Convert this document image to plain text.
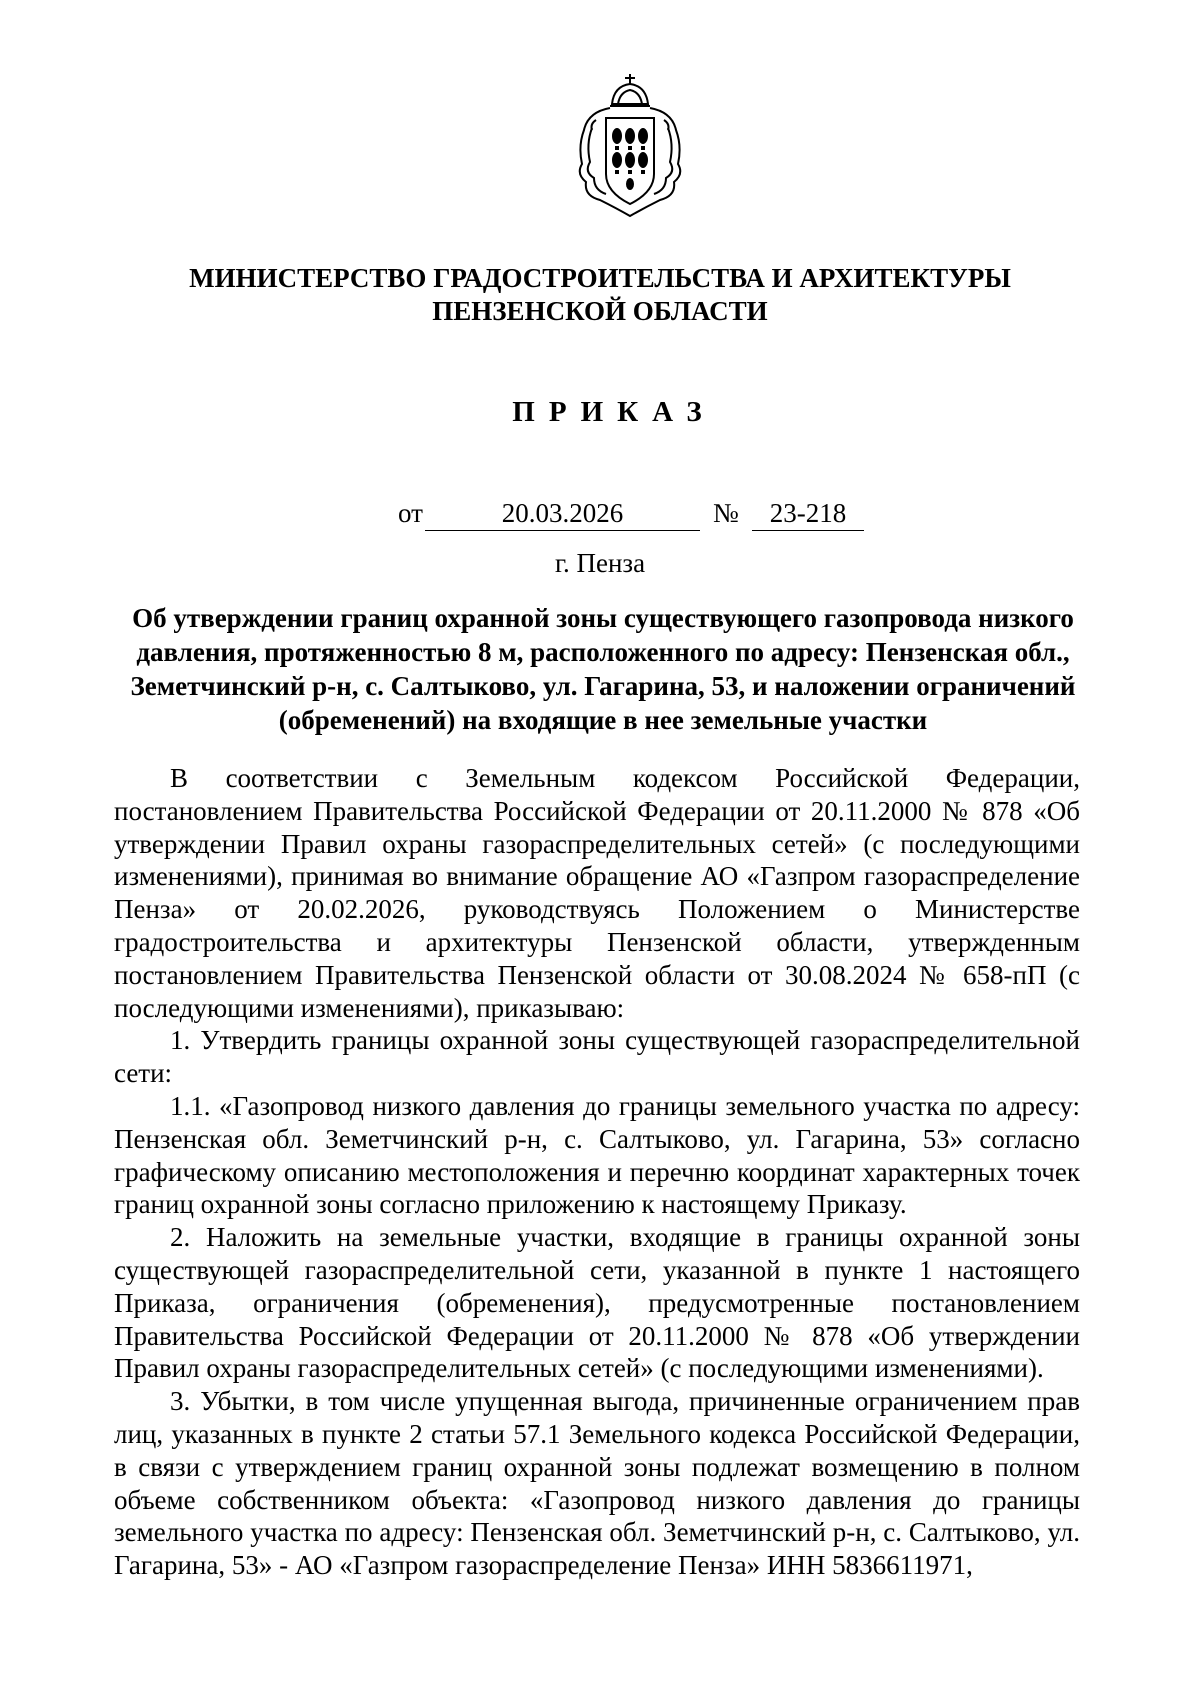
МИНИСТЕРСТВО ГРАДОСТРОИТЕЛЬСТВА И АРХИТЕКТУРЫ
ПЕНЗЕНСКОЙ ОБЛАСТИ
ПРИКАЗ
от	20.03.2026	№	23-218
г. Пенза
Об утверждении границ охранной зоны существующего газопровода низкого давления, протяженностью 8 м, расположенного по адресу: Пензенская обл., Земетчинский р-н, с. Салтыково, ул. Гагарина, 53, и наложении ограничений (обременений) на входящие в нее земельные участки

В соответствии с Земельным кодексом Российской Федерации, постановлением Правительства Российской Федерации от 20.11.2000 № 878 «Об утверждении Правил охраны газораспределительных сетей» (с последующими изменениями), принимая во внимание обращение АО «Газпром газораспределение Пенза» от 20.02.2026, руководствуясь Положением о Министерстве градостроительства и архитектуры Пензенской области, утвержденным постановлением Правительства Пензенской области от 30.08.2024 № 658-пП (с последующими изменениями), приказываю:

1. Утвердить границы охранной зоны существующей газораспределительной сети:

1.1. «Газопровод низкого давления до границы земельного участка по адресу: Пензенская обл. Земетчинский р-н, с. Салтыково, ул. Гагарина, 53» согласно графическому описанию местоположения и перечню координат характерных точек границ охранной зоны согласно приложению к настоящему Приказу.

2. Наложить на земельные участки, входящие в границы охранной зоны существующей газораспределительной сети, указанной в пункте 1 настоящего Приказа, ограничения (обременения), предусмотренные постановлением Правительства Российской Федерации от 20.11.2000 № 878 «Об утверждении Правил охраны газораспределительных сетей» (с последующими изменениями).

3. Убытки, в том числе упущенная выгода, причиненные ограничением прав лиц, указанных в пункте 2 статьи 57.1 Земельного кодекса Российской Федерации, в связи с утверждением границ охранной зоны подлежат возмещению в полном объеме собственником объекта: «Газопровод низкого давления до границы земельного участка по адресу: Пензенская обл. Земетчинский р-н, с. Салтыково, ул. Гагарина, 53» - АО «Газпром газораспределение Пенза» ИНН 5836611971,
